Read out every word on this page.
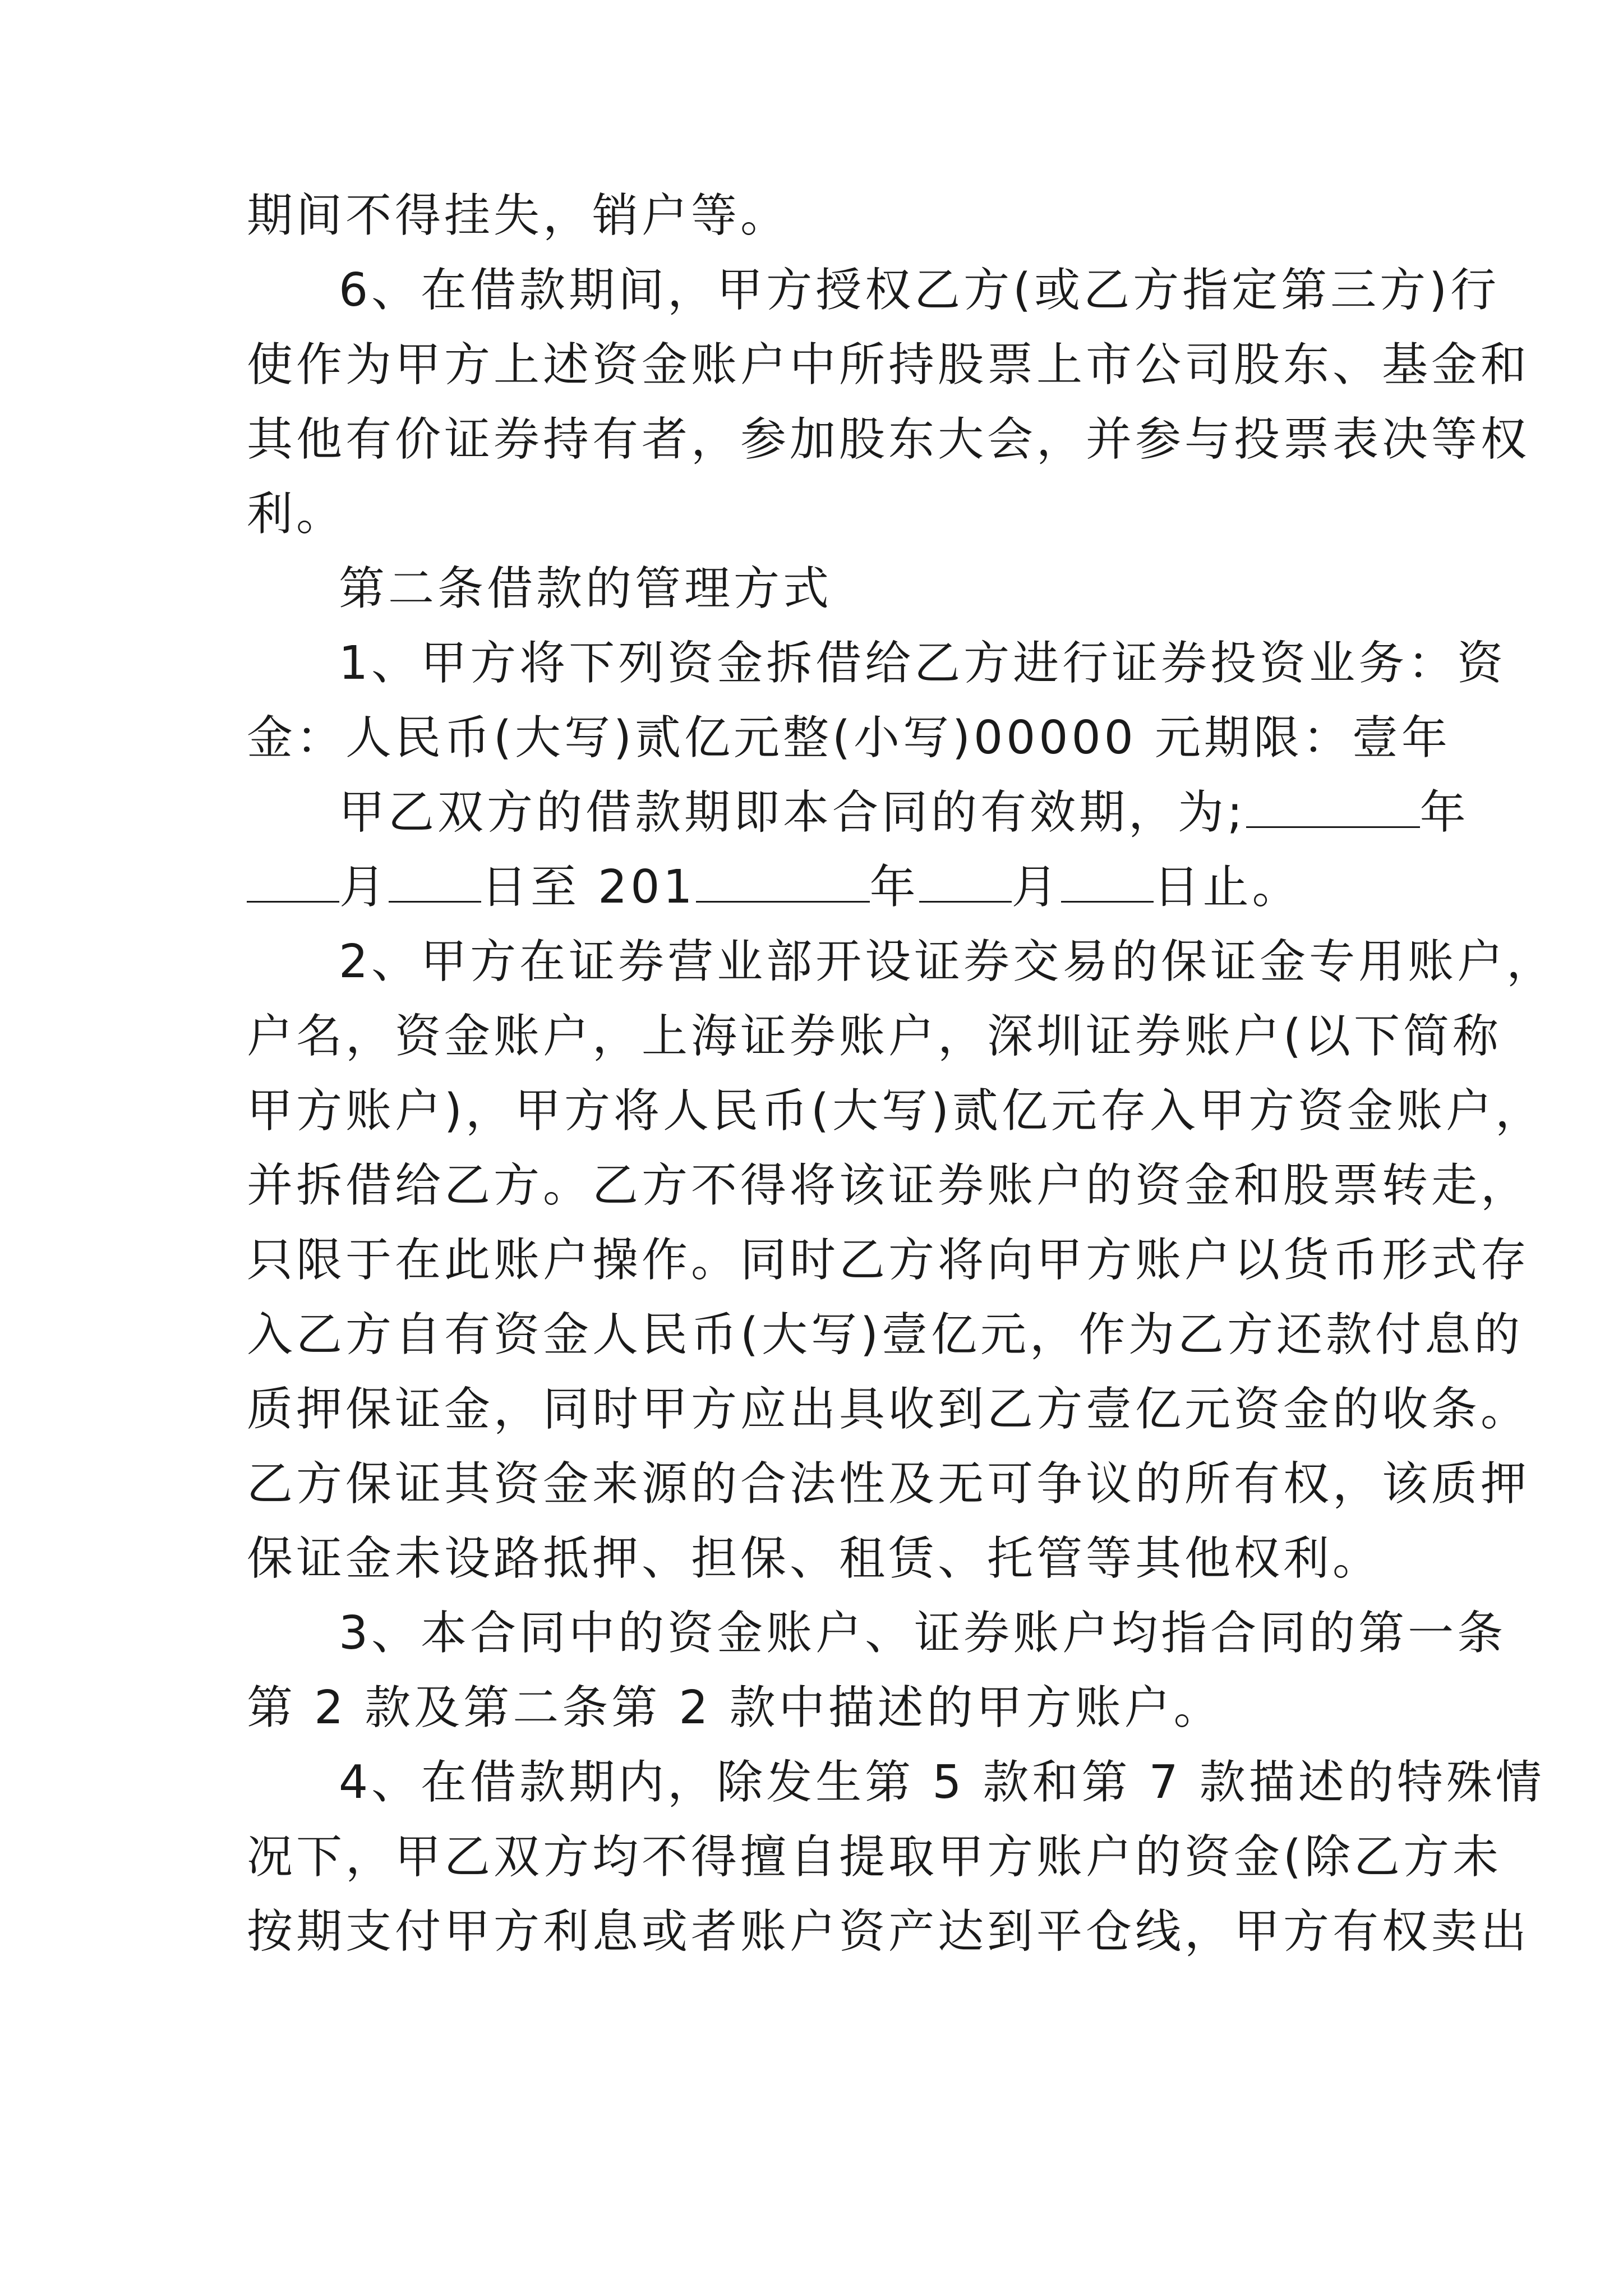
期间不得挂失，销户等。
6、在借款期间，甲方授权乙方(或乙方指定第三方)行
使作为甲方上述资金账户中所持股票上市公司股东、基金和
其他有价证券持有者，参加股东大会，并参与投票表决等权
利。
第二条借款的管理方式
1、甲方将下列资金拆借给乙方进行证券投资业务：资
金：人民币(大写)贰亿元整(小写)00000 元期限：壹年
甲乙双方的借款期即本合同的有效期，为;	年
月 日至 201	年 月 日止。
2、甲方在证券营业部开设证券交易的保证金专用账户，
户名，资金账户，上海证券账户，深圳证券账户(以下简称
甲方账户)，甲方将人民币(大写)贰亿元存入甲方资金账户，
并拆借给乙方。乙方不得将该证券账户的资金和股票转走，
只限于在此账户操作。同时乙方将向甲方账户以货币形式存
入乙方自有资金人民币(大写)壹亿元，作为乙方还款付息的
质押保证金，同时甲方应出具收到乙方壹亿元资金的收条。
乙方保证其资金来源的合法性及无可争议的所有权，该质押
保证金未设路抵押、担保、租赁、托管等其他权利。
3、本合同中的资金账户、证券账户均指合同的第一条
第 2 款及第二条第 2 款中描述的甲方账户。
4、在借款期内，除发生第 5 款和第 7 款描述的特殊情
况下，甲乙双方均不得擅自提取甲方账户的资金(除乙方未
按期支付甲方利息或者账户资产达到平仓线，甲方有权卖出
